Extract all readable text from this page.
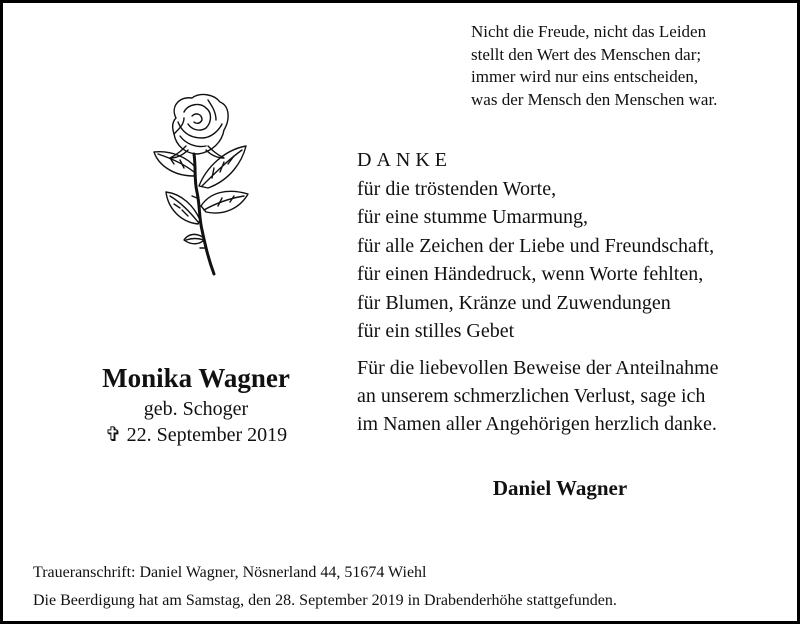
Nicht die Freude, nicht das Leiden
stellt den Wert des Menschen dar;
immer wird nur eins entscheiden,
was der Mensch den Menschen war.
DANKE
für die tröstenden Worte,
für eine stumme Umarmung,
für alle Zeichen der Liebe und Freundschaft,
für einen Händedruck, wenn Worte fehlten,
für Blumen, Kränze und Zuwendungen
für ein stilles Gebet
Für die liebevollen Beweise der Anteilnahme
an unserem schmerzlichen Verlust, sage ich
im Namen aller Angehörigen herzlich danke.
Monika Wagner
geb. Schoger
✞ 22. September 2019
Daniel Wagner
Traueranschrift: Daniel Wagner, Nösnerland 44, 51674 Wiehl
Die Beerdigung hat am Samstag, den 28. September 2019 in Drabenderhöhe stattgefunden.
